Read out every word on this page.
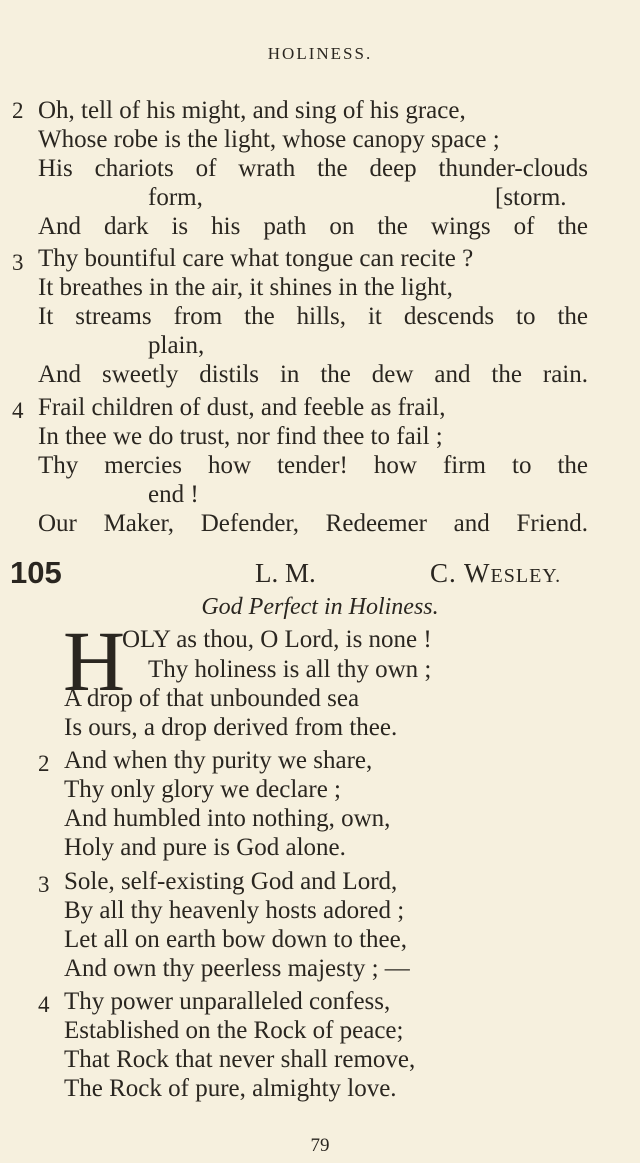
HOLINESS.
2 Oh, tell of his might, and sing of his grace,
Whose robe is the light, whose canopy space ;
His chariots of wrath the deep thunder-clouds
form,	[storm.
And dark is his path on the wings of the
3 Thy bountiful care what tongue can recite ?
It breathes in the air, it shines in the light,
It streams from the hills, it descends to the
plain,
And sweetly distils in the dew and the rain.
4 Frail children of dust, and feeble as frail,
In thee we do trust, nor find thee to fail ;
Thy mercies how tender! how firm to the
end !
Our Maker, Defender, Redeemer and Friend.
105	L. M.	C. WESLEY.
God Perfect in Holiness.
H
OLY as thou, O Lord, is none !
Thy holiness is all thy own ;
A drop of that unbounded sea
Is ours, a drop derived from thee.
2 And when thy purity we share,
Thy only glory we declare ;
And humbled into nothing, own,
Holy and pure is God alone.
3 Sole, self-existing God and Lord,
By all thy heavenly hosts adored ;
Let all on earth bow down to thee,
And own thy peerless majesty ; —
4 Thy power unparalleled confess,
Established on the Rock of peace;
That Rock that never shall remove,
The Rock of pure, almighty love.
79
